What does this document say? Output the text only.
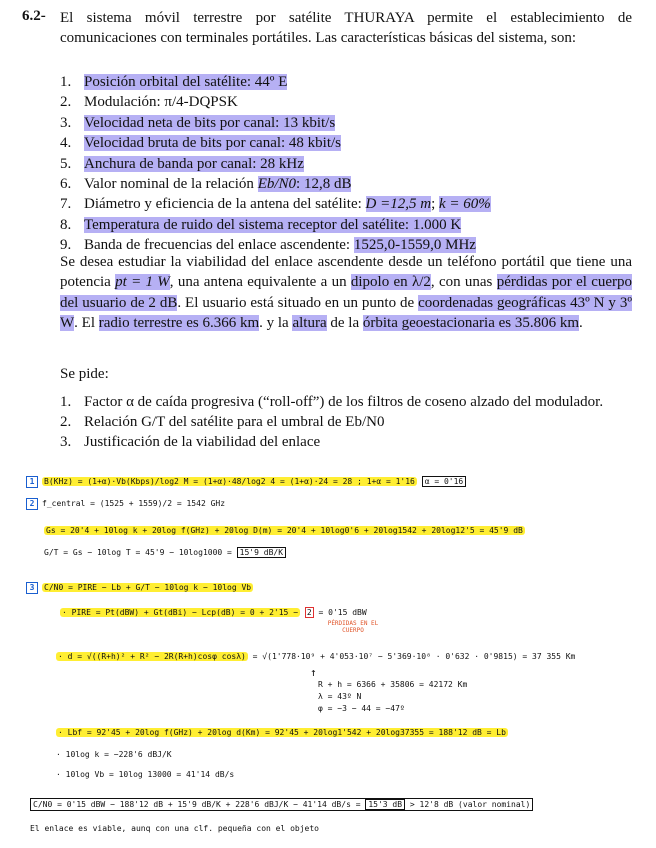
6.2- El sistema móvil terrestre por satélite THURAYA permite el establecimiento de comunicaciones con terminales portátiles. Las características básicas del sistema, son:
1. Posición orbital del satélite: 44º E
2. Modulación: π/4-DQPSK
3. Velocidad neta de bits por canal: 13 kbit/s
4. Velocidad bruta de bits por canal: 48 kbit/s
5. Anchura de banda por canal: 28 kHz
6. Valor nominal de la relación Eb/N0: 12,8 dB
7. Diámetro y eficiencia de la antena del satélite: D =12,5 m; k = 60%
8. Temperatura de ruido del sistema receptor del satélite: 1.000 K
9. Banda de frecuencias del enlace ascendente: 1525,0-1559,0 MHz
Se desea estudiar la viabilidad del enlace ascendente desde un teléfono portátil que tiene una potencia pt = 1 W, una antena equivalente a un dipolo en λ/2, con unas pérdidas por el cuerpo del usuario de 2 dB. El usuario está situado en un punto de coordenadas geográficas 43º N y 3º W. El radio terrestre es 6.366 km. y la altura de la órbita geoestacionaria es 35.806 km.
Se pide:
1. Factor α de caída progresiva (“roll-off”) de los filtros de coseno alzado del modulador.
2. Relación G/T del satélite para el umbral de Eb/N0
3. Justificación de la viabilidad del enlace
1 B(KHz) = (1+α)·Vb(Kbps)/log2 M = (1+α)·48/log2 4 = (1+α)·24 = 28 ; 1+α = 1'16 α = 0'16
2 f_central = (1525 + 1559)/2 = 1542 GHz
Gs = 20'4 + 10log k + 20log f(GHz) + 20log D(m) = 20'4 + 10log0'6 + 20log1542 + 20log12'5 = 45'9 dB
G/T = Gs − 10log T = 45'9 − 10log1000 = 15'9 dB/K
3 C/N0 = PIRE − Lb + G/T − 10log k − 10log Vb
· PIRE = Pt(dBW) + Gt(dBi) − Lcp(dB) = 0 + 2'15 − 2 = 0'15 dBW
PÉRDIDAS EN EL CUERPO
· d = √((R+h)² + R² − 2R(R+h)cosφ cosλ) = √(1'778·10⁹ + 4'053·10⁷ − 5'369·10⁸ · 0'632 · 0'9815) = 37 355 Km
↑
R + h = 6366 + 35806 = 42172 Km
λ = 43º N
φ = −3 − 44 = −47º
· Lbf = 92'45 + 20log f(GHz) + 20log d(Km) = 92'45 + 20log1'542 + 20log37355 = 188'12 dB = Lb
· 10log k = −228'6 dBJ/K
· 10log Vb = 10log 13000 = 41'14 dB/s
C/N0 = 0'15 dBW − 188'12 dB + 15'9 dB/K + 228'6 dBJ/K − 41'14 dB/s = 15'3 dB > 12'8 dB (valor nominal)
El enlace es viable, aunq con una clf. pequeña con el objeto
